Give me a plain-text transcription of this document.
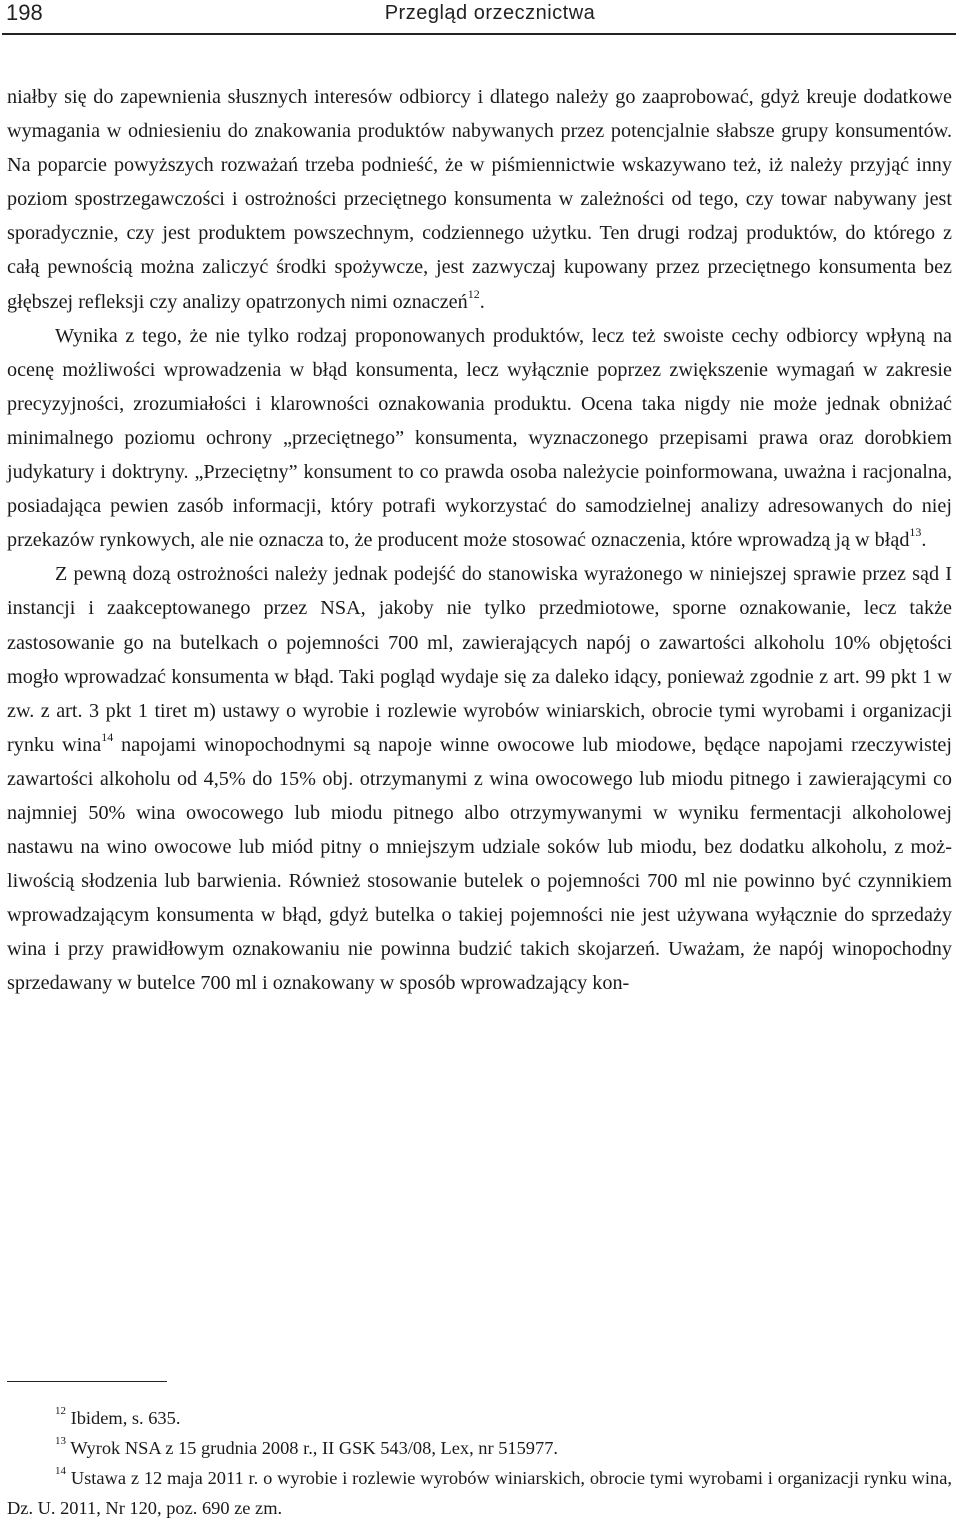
198	Przegląd orzecznictwa

niałby się do zapewnienia słusznych interesów odbiorcy i dlatego należy go zaaprobować, gdyż kreuje dodatkowe wymagania w odniesieniu do znakowania produktów nabywanych przez potencjalnie słabsze grupy konsumentów. Na poparcie powyższych rozważań trzeba podnieść, że w piśmiennictwie wskazywano też, iż należy przyjąć inny poziom spostrzegawczości i ostrożności przeciętnego konsumenta w zależności od tego, czy towar nabywany jest sporadycznie, czy jest produktem powszechnym, codziennego użytku. Ten drugi rodzaj produktów, do którego z całą pewnością można zaliczyć środki spożywcze, jest zazwyczaj kupowany przez przeciętnego konsumenta bez głębszej refleksji czy analizy opatrzonych nimi oznaczeń$^{12}$.

Wynika z tego, że nie tylko rodzaj proponowanych produktów, lecz też swoiste cechy odbiorcy wpłyną na ocenę możliwości wprowadzenia w błąd konsumenta, lecz wyłącznie poprzez zwiększenie wymagań w zakresie precyzyjności, zrozumiałości i klarowności oznakowania produktu. Ocena taka nigdy nie może jednak obniżać minimalnego poziomu ochrony „przeciętnego” konsumenta, wyznaczonego przepisami prawa oraz dorobkiem judykatury i doktryny. „Przeciętny” konsument to co prawda osoba należycie poinformowana, uważna i racjonalna, posiadająca pewien zasób informacji, który potrafi wykorzystać do samodzielnej analizy adresowanych do niej przekazów rynkowych, ale nie oznacza to, że producent może stosować oznaczenia, które wprowadzą ją w błąd$^{13}$.

Z pewną dozą ostrożności należy jednak podejść do stanowiska wyrażonego w niniejszej sprawie przez sąd I instancji i zaakceptowanego przez NSA, jakoby nie tylko przedmiotowe, sporne oznakowanie, lecz także zastosowanie go na butelkach o pojemności 700 ml, zawierających napój o zawartości alkoholu 10% objętości mogło wprowadzać konsumenta w błąd. Taki pogląd wydaje się za daleko idący, ponieważ zgodnie z art. 99 pkt 1 w zw. z art. 3 pkt 1 tiret m) ustawy o wyrobie i rozlewie wyrobów winiarskich, obrocie tymi wyrobami i organizacji rynku wina$^{14}$ napojami winopochodnymi są napoje winne owocowe lub miodowe, będące napojami rzeczywistej zawartości alkoholu od 4,5% do 15% obj. otrzymanymi z wina owocowego lub miodu pitnego i zawierającymi co najmniej 50% wina owocowego lub miodu pitnego albo otrzymywanymi w wyniku fermentacji alkoholowej nastawu na wino owocowe lub miód pitny o mniejszym udziale soków lub miodu, bez dodatku alkoholu, z możliwością słodzenia lub barwienia. Również stosowanie butelek o pojemności 700 ml nie powinno być czynnikiem wprowadzającym konsumenta w błąd, gdyż butelka o takiej pojemności nie jest używana wyłącznie do sprzedaży wina i przy prawidłowym oznakowaniu nie powinna budzić takich skojarzeń. Uważam, że napój winopochodny sprzedawany w butelce 700 ml i oznakowany w sposób wprowadzający kon-

$^{12}$ Ibidem, s. 635.

$^{13}$ Wyrok NSA z 15 grudnia 2008 r., II GSK 543/08, Lex, nr 515977.

$^{14}$ Ustawa z 12 maja 2011 r. o wyrobie i rozlewie wyrobów winiarskich, obrocie tymi wyrobami i organizacji rynku wina, Dz. U. 2011, Nr 120, poz. 690 ze zm.
